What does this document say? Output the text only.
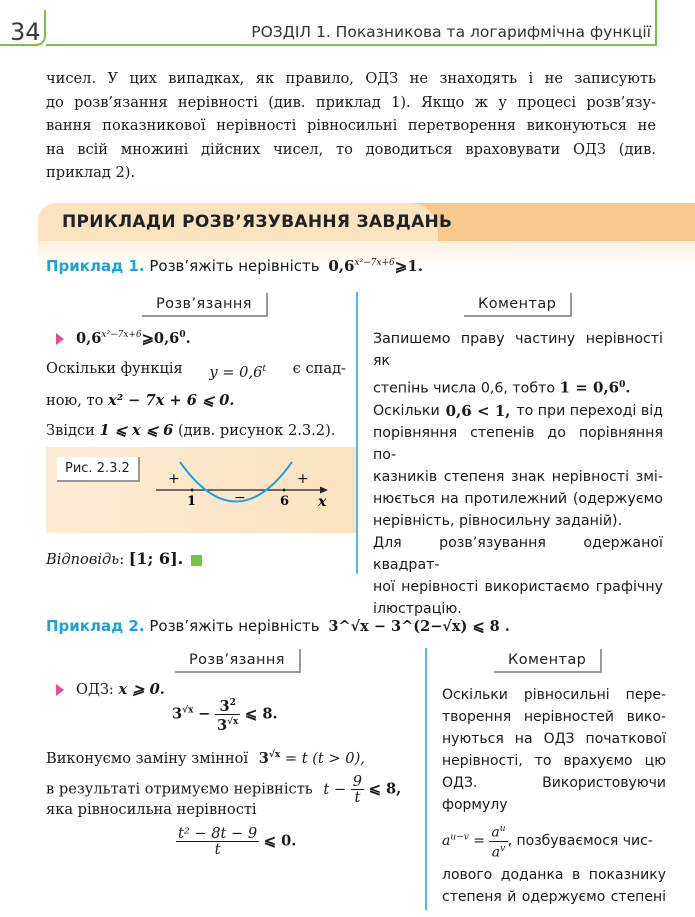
34	РОЗДІЛ 1. Показникова та логарифмічна функції
чисел. У цих випадках, як правило, ОДЗ не знаходять і не записують
до розв’язання нерівності (див. приклад 1). Якщо ж у процесі розв’язу-
вання показникової нерівності рівносильні перетворення виконуються не
на всій множині дійсних чисел, то доводиться враховувати ОДЗ (див.
приклад 2).
ПРИКЛАДИ РОЗВ’ЯЗУВАННЯ ЗАВДАНЬ
Приклад 1. Розв’яжіть нерівність $0,6^{x^2-7x+6}⩾1$.
Розв’язання	Коментар
$0,6^{x^2-7x+6}⩾0,6^0$.
Оскільки функція $y = 0,6^t$ є спад-
ною, то x² − 7x + 6 ⩽ 0.
Звідси 1 ⩽ x ⩽ 6 (див. рисунок 2.3.2).
Рис. 2.3.2
+
−
+
1	6 x
Відповідь: [1; 6].
Запишемо праву частину нерівності як
степінь числа 0,6, тобто $1 = 0,6^0$.
Оскільки 0,6 < 1, то при переході від
порівняння степенів до порівняння по-
казників степеня знак нерівності змі-
нюється на протилежний (одержуємо
нерівність, рівносильну заданій).
Для розв’язування одержаної квадрат-
ної нерівності використаємо графічну
ілюстрацію.
Приклад 2. Розв’яжіть нерівність 3^√x − 3^(2−√x) ⩽ 8 .
Розв’язання	Коментар
ОДЗ: x ⩾ 0.
$3^{√x} - \frac{3^2}{3^{√x}}$ ⩽ 8.
Виконуємо заміну змінної $3^{√x} = t$ (t > 0),
в результаті отримуємо нерівність $t - \frac{9}{t}$ ⩽ 8,
яка рівносильна нерівності
$\frac{\text{t² − 8t − 9}}{t}$ ⩽ 0.
Оскільки рівносильні пере-
творення нерівностей вико-
нуються на ОДЗ початкової
нерівності, то врахуємо цю
ОДЗ. Використовуючи формулу
$a^{u-v} = \frac{a^u}{a^v}$ , позбуваємося чис-
лового доданка в показнику
степеня й одержуємо степені
